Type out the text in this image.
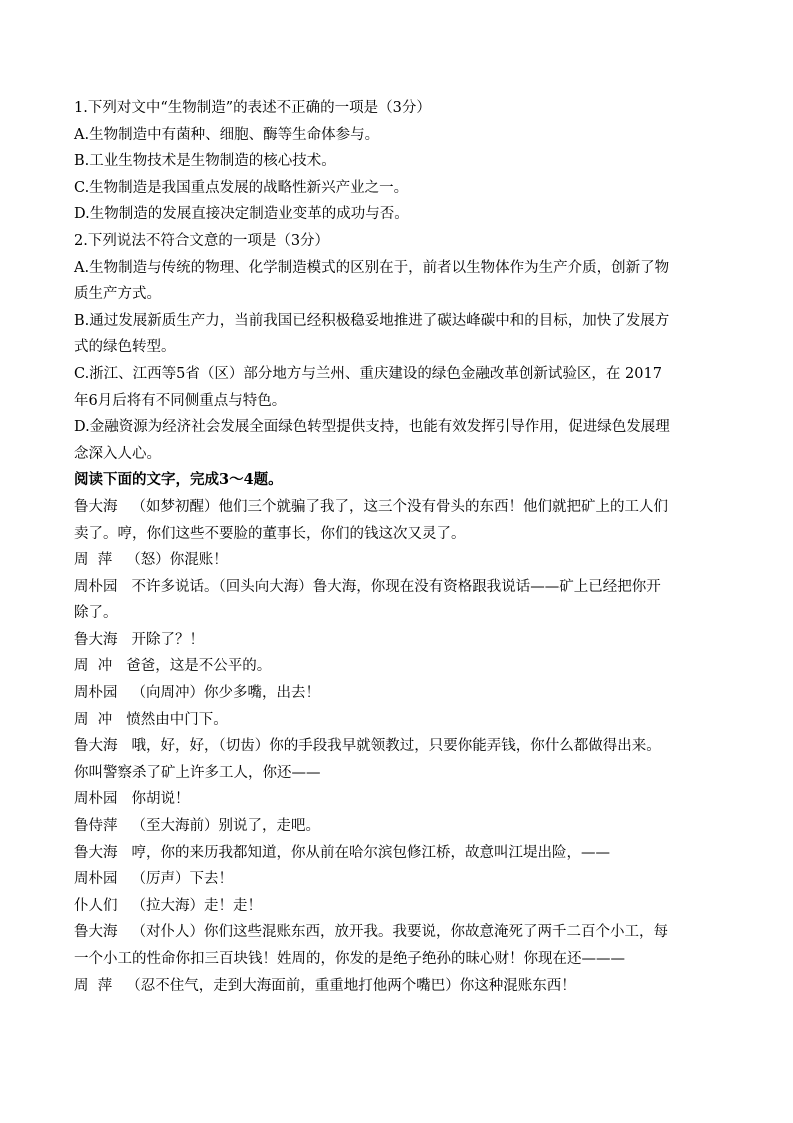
1.下列对文中“生物制造”的表述不正确的一项是（3分）
A.生物制造中有菌种、细胞、酶等生命体参与。
B.工业生物技术是生物制造的核心技术。
C.生物制造是我国重点发展的战略性新兴产业之一。
D.生物制造的发展直接决定制造业变革的成功与否。
2.下列说法不符合文意的一项是（3分）
A.生物制造与传统的物理、化学制造模式的区别在于，前者以生物体作为生产介质，创新了物
质生产方式。
B.通过发展新质生产力，当前我国已经积极稳妥地推进了碳达峰碳中和的目标，加快了发展方
式的绿色转型。
C.浙江、江西等5省（区）部分地方与兰州、重庆建设的绿色金融改革创新试验区，在 2017
年6月后将有不同侧重点与特色。
D.金融资源为经济社会发展全面绿色转型提供支持，也能有效发挥引导作用，促进绿色发展理
念深入人心。
阅读下面的文字，完成3～4题。
鲁大海 （如梦初醒）他们三个就骗了我了，这三个没有骨头的东西！他们就把矿上的工人们
卖了。哼，你们这些不要脸的董事长，你们的钱这次又灵了。
周  萍 （怒）你混账！
周朴园 不许多说话。（回头向大海）鲁大海，你现在没有资格跟我说话——矿上已经把你开
除了。
鲁大海 开除了？！
周  冲 爸爸，这是不公平的。
周朴园 （向周冲）你少多嘴，出去！
周  冲 愤然由中门下。
鲁大海 哦，好，好，（切齿）你的手段我早就领教过，只要你能弄钱，你什么都做得出来。
你叫警察杀了矿上许多工人，你还——
周朴园 你胡说！
鲁侍萍 （至大海前）别说了，走吧。
鲁大海 哼，你的来历我都知道，你从前在哈尔滨包修江桥，故意叫江堤出险，——
周朴园 （厉声）下去！
仆人们 （拉大海）走！走！
鲁大海 （对仆人）你们这些混账东西，放开我。我要说，你故意淹死了两千二百个小工，每
一个小工的性命你扣三百块钱！姓周的，你发的是绝子绝孙的昧心财！你现在还———
周  萍 （忍不住气，走到大海面前，重重地打他两个嘴巴）你这种混账东西！
